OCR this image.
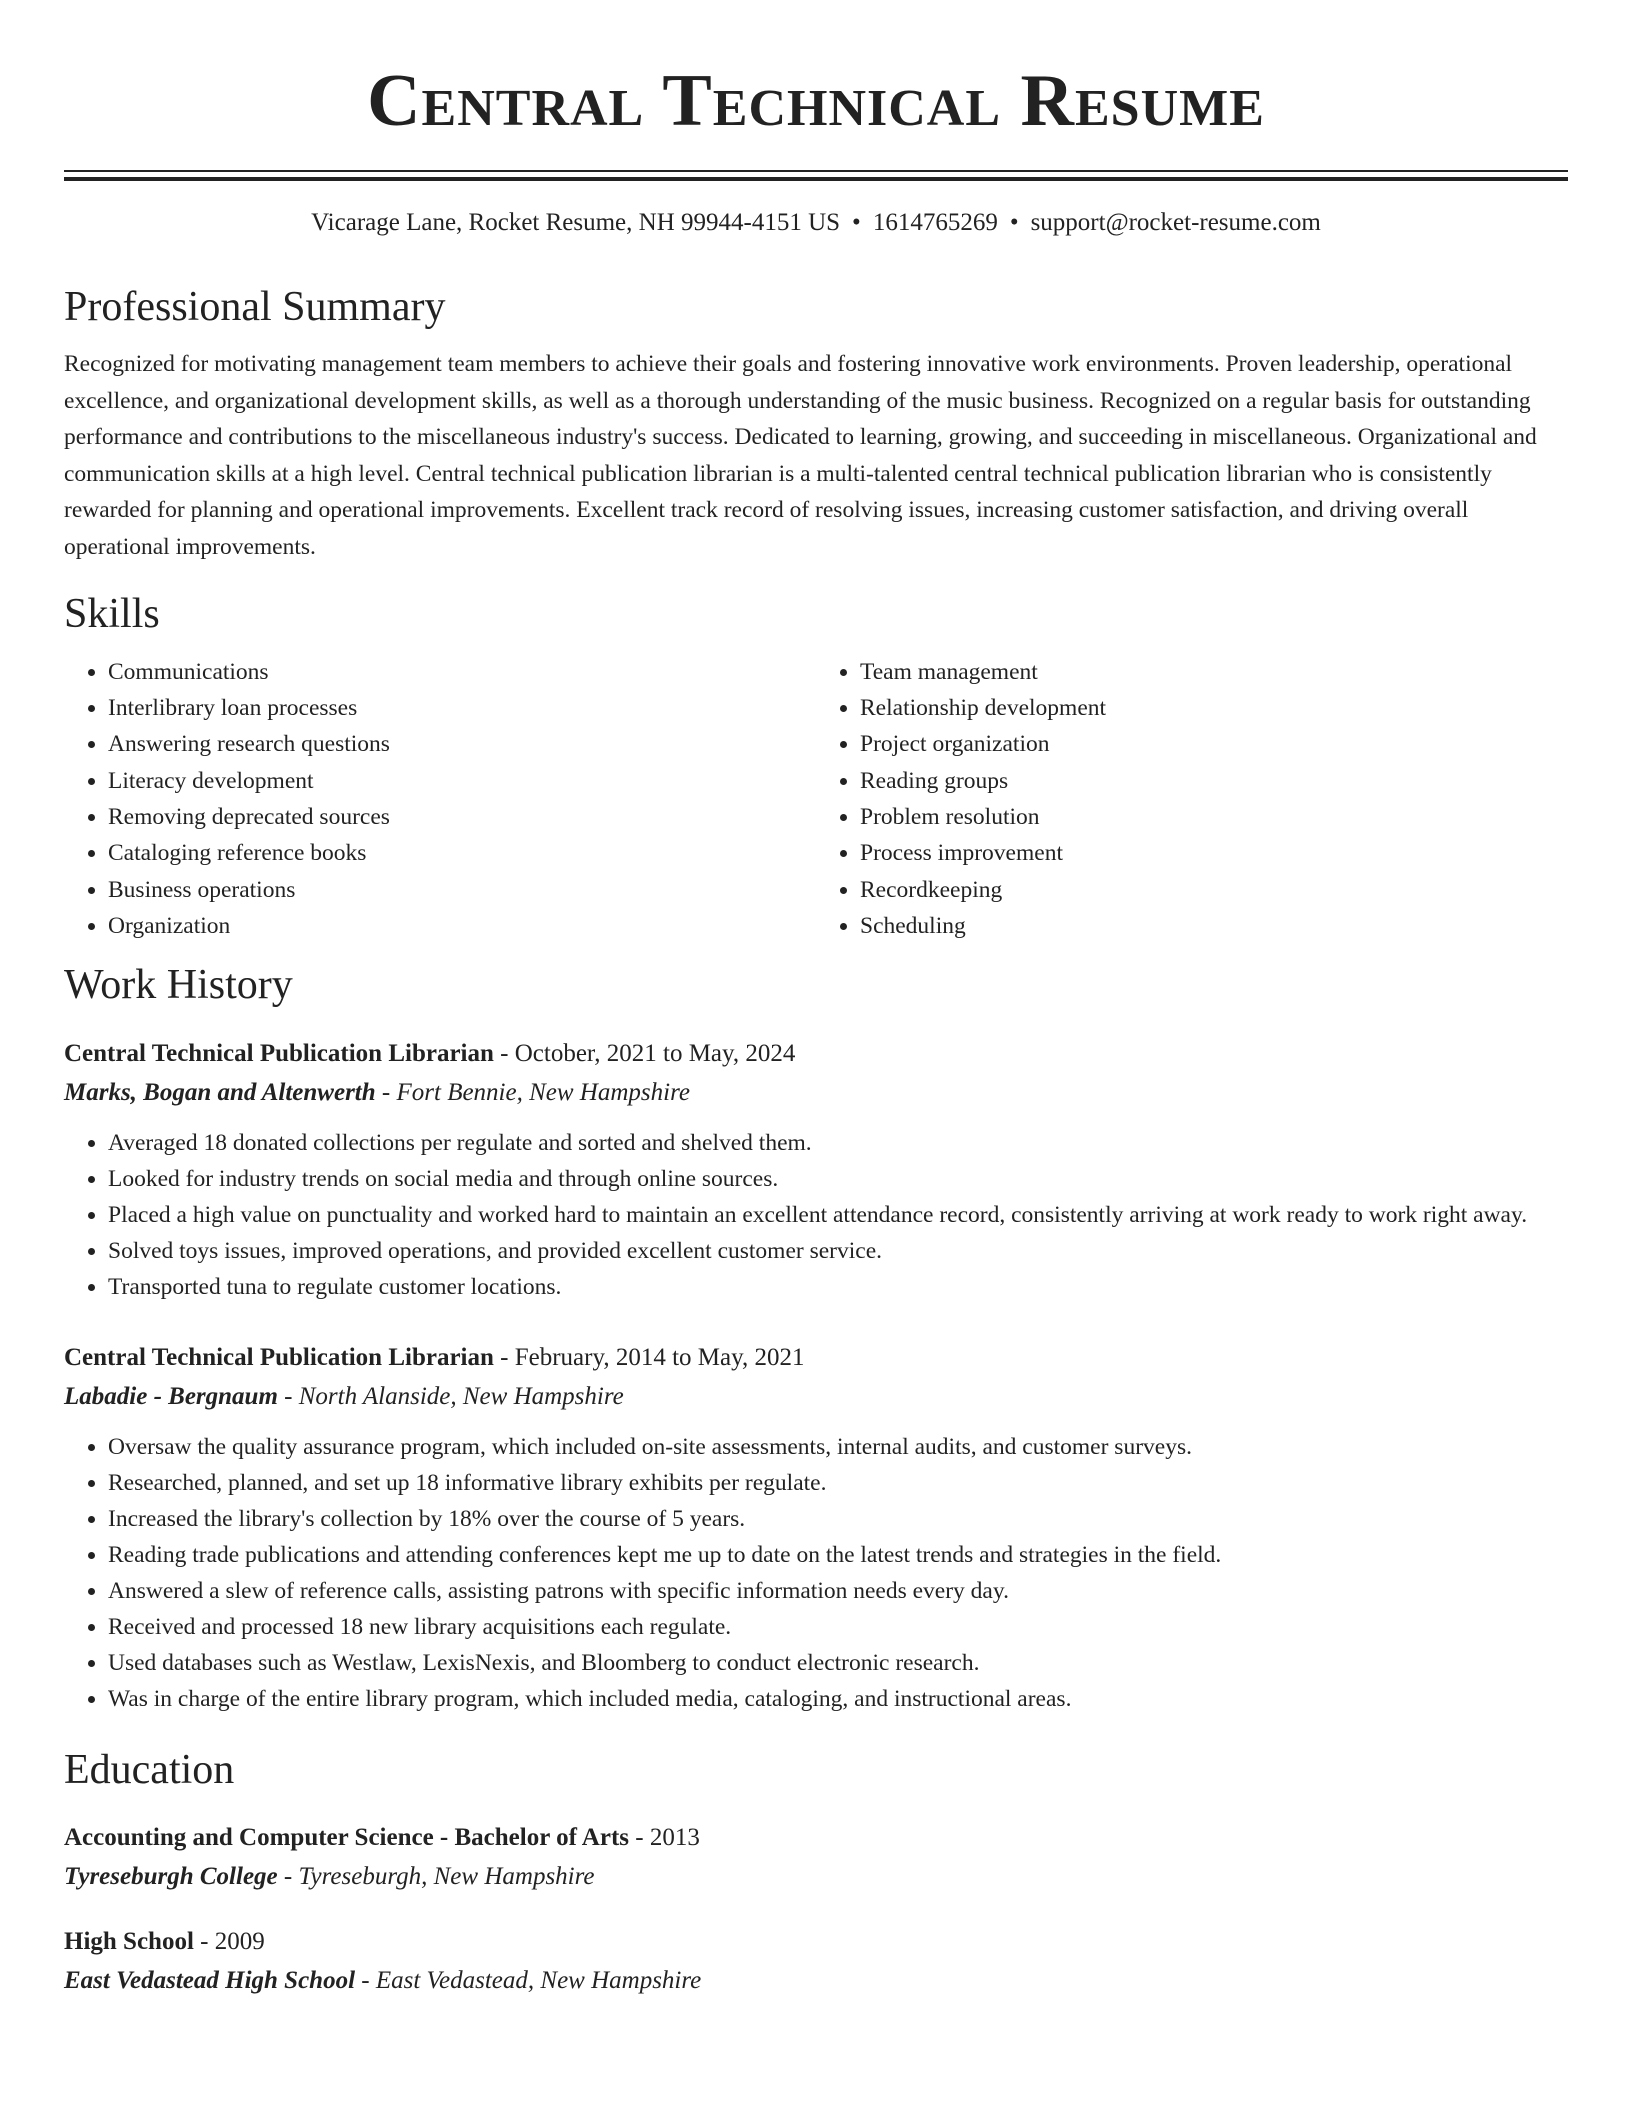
Central Technical Resume
Vicarage Lane, Rocket Resume, NH 99944-4151 US • 1614765269 • support@rocket-resume.com
Professional Summary

Recognized for motivating management team members to achieve their goals and fostering innovative work environments. Proven leadership, operational excellence, and organizational development skills, as well as a thorough understanding of the music business. Recognized on a regular basis for outstanding performance and contributions to the miscellaneous industry's success. Dedicated to learning, growing, and succeeding in miscellaneous. Organizational and communication skills at a high level. Central technical publication librarian is a multi-talented central technical publication librarian who is consistently rewarded for planning and operational improvements. Excellent track record of resolving issues, increasing customer satisfaction, and driving overall operational improvements.

Skills
• Communications
• Interlibrary loan processes
• Answering research questions
• Literacy development
• Removing deprecated sources
• Cataloging reference books
• Business operations
• Organization
• Team management
• Relationship development
• Project organization
• Reading groups
• Problem resolution
• Process improvement
• Recordkeeping
• Scheduling
Work History
Central Technical Publication Librarian - October, 2021 to May, 2024
Marks, Bogan and Altenwerth - Fort Bennie, New Hampshire
• Averaged 18 donated collections per regulate and sorted and shelved them.
• Looked for industry trends on social media and through online sources.
• Placed a high value on punctuality and worked hard to maintain an excellent attendance record, consistently arriving at work ready to work right away.
• Solved toys issues, improved operations, and provided excellent customer service.
• Transported tuna to regulate customer locations.
Central Technical Publication Librarian - February, 2014 to May, 2021
Labadie - Bergnaum - North Alanside, New Hampshire
• Oversaw the quality assurance program, which included on-site assessments, internal audits, and customer surveys.
• Researched, planned, and set up 18 informative library exhibits per regulate.
• Increased the library's collection by 18% over the course of 5 years.
• Reading trade publications and attending conferences kept me up to date on the latest trends and strategies in the field.
• Answered a slew of reference calls, assisting patrons with specific information needs every day.
• Received and processed 18 new library acquisitions each regulate.
• Used databases such as Westlaw, LexisNexis, and Bloomberg to conduct electronic research.
• Was in charge of the entire library program, which included media, cataloging, and instructional areas.
Education
Accounting and Computer Science - Bachelor of Arts - 2013
Tyreseburgh College - Tyreseburgh, New Hampshire
High School - 2009
East Vedastead High School - East Vedastead, New Hampshire
